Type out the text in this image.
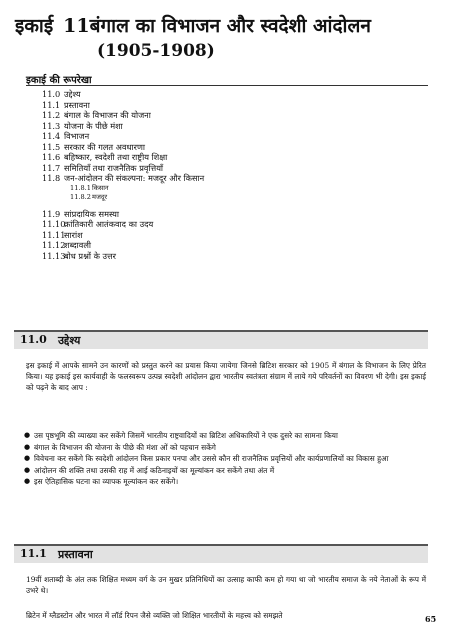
इकाई 11बंगाल का विभाजन और स्वदेशी आंदोलन
(1905-1908)
इकाई की रूपरेखा
11.0 उद्देश्य
11.1 प्रस्तावना
11.2 बंगाल के विभाजन की योजना
11.3 योजना के पीछे मंशा
11.4 विभाजन
11.5 सरकार की गलत अवधारणा
11.6 बहिष्कार, स्वदेशी तथा राष्ट्रीय शिक्षा
11.7 समितियाँ तथा राजनैतिक प्रवृत्तियाँ
11.8 जन-आंदोलन की संकल्पना: मजदूर और किसान
11.8.1 किसान
11.8.2 मजदूर
11.9 सांप्रदायिक समस्या
11.10
क्रांतिकारी आतंकवाद का उदय
11.11
सारांश
11.12
शब्दावली
11.13
बोध प्रश्नों के उत्तर
11.0 उद्देश्य
इस इकाई में आपके सामने उन कारणों को प्रस्तुत करने का प्रयास किया जायेगा जिनसे ब्रिटिश सरकार को 1905 में बंगाल के विभाजन के लिए प्रेरित किया। यह इकाई इस कार्यवाही के फलस्वरूप उत्पन्न स्वदेशी आंदोलन द्वारा भारतीय स्वतंत्रता संग्राम में लाये गये परिवर्तनों का विवरण भी देगी। इस इकाई को पढ़ने के बाद आप :
● उस पृष्ठभूमि की व्याख्या कर सकेंगे जिसमें भारतीय राष्ट्रवादियों का ब्रिटिश अधिकारियों ने एक दुसरे का सामना किया
● बंगाल के विभाजन की योजना के पीछे की मंशा ओं को पहचान सकेंगे
● विवेचना कर सकेंगे कि स्वदेशी आंदोलन किस प्रकार पनपा और उससे कौन सी राजनैतिक प्रवृत्तियों और कार्यप्रणालियों का विकास हुआ
● आंदोलन की शक्ति तथा उसकी राह में आई कठिनाइयों का मूल्यांकन कर सकेंगे तथा अंत में
● इस ऐतिहासिक घटना का व्यापक मूल्यांकन कर सकेंगे।
11.1 प्रस्तावना
19वीं शताब्दी के अंत तक शिक्षित मध्यम वर्ग के उन मुखर प्रतिनिधियों का उत्साह काफी कम हो गया था जो भारतीय समाज के नये नेताओं के रूप में उभरे थे।
ब्रिटेन में ग्लैडस्टोन और भारत में लॉर्ड रिपन जैसे व्यक्ति जो शिक्षित भारतीयों के महत्त्व को समझते	65
